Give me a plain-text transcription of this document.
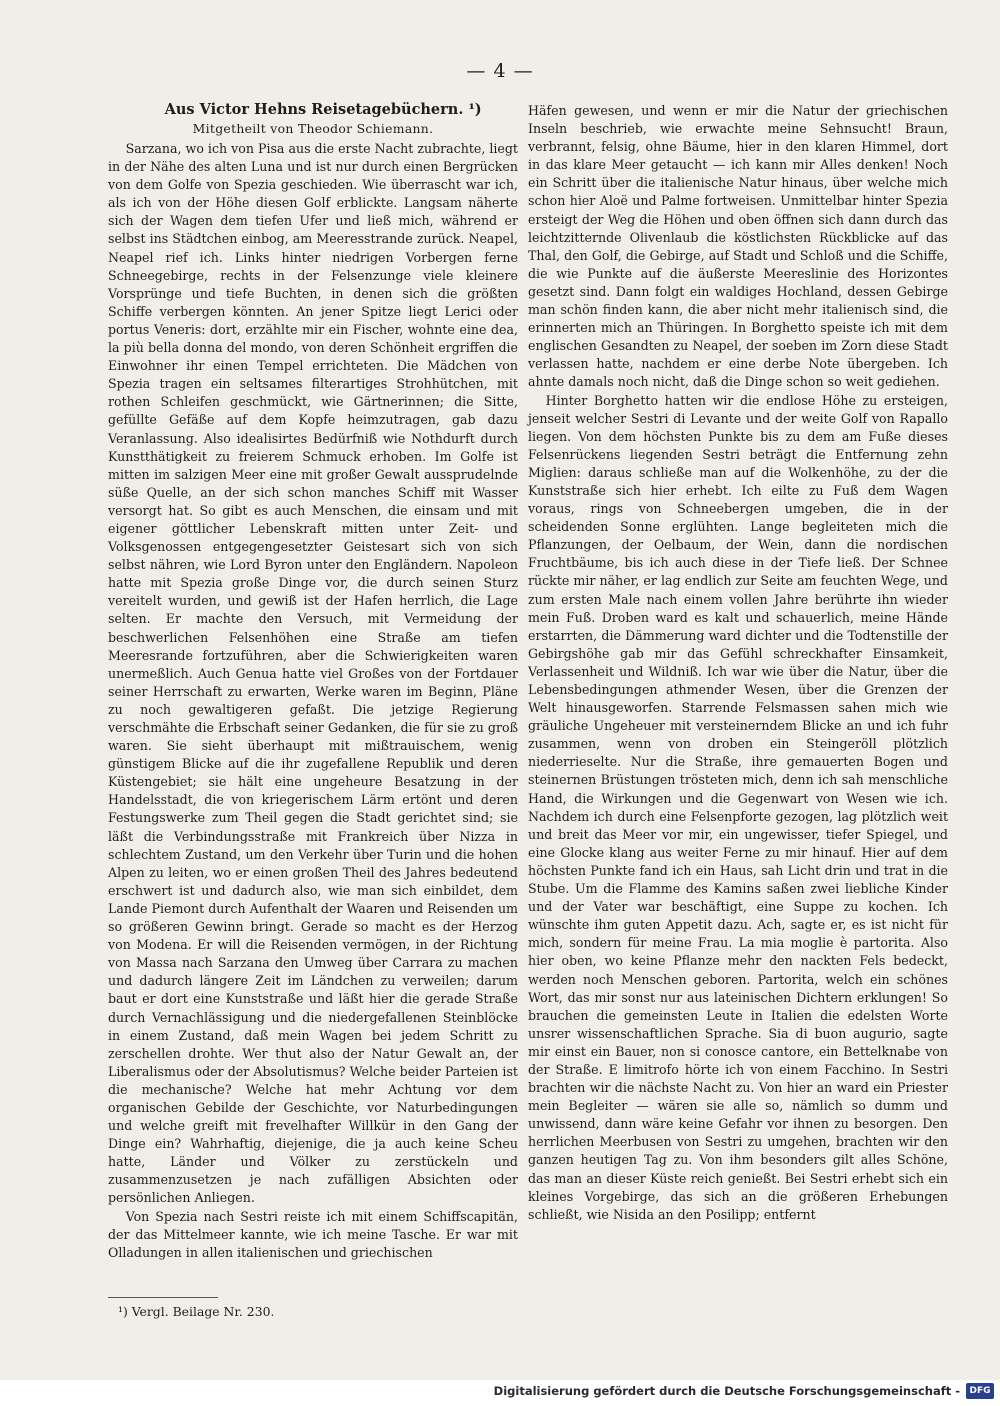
— 4 —

Aus Victor Hehns Reisetagebüchern. ¹)

Mitgetheilt von Theodor Schiemann.

Sarzana, wo ich von Pisa aus die erste Nacht zubrachte, liegt in der Nähe des alten Luna und ist nur durch einen Bergrücken von dem Golfe von Spezia geschieden. Wie überrascht war ich, als ich von der Höhe diesen Golf erblickte. Langsam näherte sich der Wagen dem tiefen Ufer und ließ mich, während er selbst ins Städtchen einbog, am Meeresstrande zurück. Neapel, Neapel rief ich. Links hinter niedrigen Vorbergen ferne Schneegebirge, rechts in der Felsenzunge viele kleinere Vorsprünge und tiefe Buchten, in denen sich die größten Schiffe verbergen könnten. An jener Spitze liegt Lerici oder portus Veneris: dort, erzählte mir ein Fischer, wohnte eine dea, la più bella donna del mondo, von deren Schönheit ergriffen die Einwohner ihr einen Tempel errichteten. Die Mädchen von Spezia tragen ein seltsames filterartiges Strohhütchen, mit rothen Schleifen geschmückt, wie Gärtnerinnen; die Sitte, gefüllte Gefäße auf dem Kopfe heimzutragen, gab dazu Veranlassung. Also idealisirtes Bedürfniß wie Nothdurft durch Kunstthätigkeit zu freierem Schmuck erhoben. Im Golfe ist mitten im salzigen Meer eine mit großer Gewalt aussprudelnde süße Quelle, an der sich schon manches Schiff mit Wasser versorgt hat. So gibt es auch Menschen, die einsam und mit eigener göttlicher Lebenskraft mitten unter Zeit- und Volksgenossen entgegengesetzter Geistesart sich von sich selbst nähren, wie Lord Byron unter den Engländern. Napoleon hatte mit Spezia große Dinge vor, die durch seinen Sturz vereitelt wurden, und gewiß ist der Hafen herrlich, die Lage selten. Er machte den Versuch, mit Vermeidung der beschwerlichen Felsenhöhen eine Straße am tiefen Meeresrande fortzuführen, aber die Schwierigkeiten waren unermeßlich. Auch Genua hatte viel Großes von der Fortdauer seiner Herrschaft zu erwarten, Werke waren im Beginn, Pläne zu noch gewaltigeren gefaßt. Die jetzige Regierung verschmähte die Erbschaft seiner Gedanken, die für sie zu groß waren. Sie sieht überhaupt mit mißtrauischem, wenig günstigem Blicke auf die ihr zugefallene Republik und deren Küstengebiet; sie hält eine ungeheure Besatzung in der Handelsstadt, die von kriegerischem Lärm ertönt und deren Festungswerke zum Theil gegen die Stadt gerichtet sind; sie läßt die Verbindungsstraße mit Frankreich über Nizza in schlechtem Zustand, um den Verkehr über Turin und die hohen Alpen zu leiten, wo er einen großen Theil des Jahres bedeutend erschwert ist und dadurch also, wie man sich einbildet, dem Lande Piemont durch Aufenthalt der Waaren und Reisenden um so größeren Gewinn bringt. Gerade so macht es der Herzog von Modena. Er will die Reisenden vermögen, in der Richtung von Massa nach Sarzana den Umweg über Carrara zu machen und dadurch längere Zeit im Ländchen zu verweilen; darum baut er dort eine Kunststraße und läßt hier die gerade Straße durch Vernachlässigung und die niedergefallenen Steinblöcke in einem Zustand, daß mein Wagen bei jedem Schritt zu zerschellen drohte. Wer thut also der Natur Gewalt an, der Liberalismus oder der Absolutismus? Welche beider Parteien ist die mechanische? Welche hat mehr Achtung vor dem organischen Gebilde der Geschichte, vor Naturbedingungen und welche greift mit frevelhafter Willkür in den Gang der Dinge ein? Wahrhaftig, diejenige, die ja auch keine Scheu hatte, Länder und Völker zu zerstückeln und zusammenzusetzen je nach zufälligen Absichten oder persönlichen Anliegen.

Von Spezia nach Sestri reiste ich mit einem Schiffscapitän, der das Mittelmeer kannte, wie ich meine Tasche. Er war mit Olladungen in allen italienischen und griechischen

Häfen gewesen, und wenn er mir die Natur der griechischen Inseln beschrieb, wie erwachte meine Sehnsucht! Braun, verbrannt, felsig, ohne Bäume, hier in den klaren Himmel, dort in das klare Meer getaucht — ich kann mir Alles denken! Noch ein Schritt über die italienische Natur hinaus, über welche mich schon hier Aloë und Palme fortweisen. Unmittelbar hinter Spezia ersteigt der Weg die Höhen und oben öffnen sich dann durch das leichtzitternde Olivenlaub die köstlichsten Rückblicke auf das Thal, den Golf, die Gebirge, auf Stadt und Schloß und die Schiffe, die wie Punkte auf die äußerste Meereslinie des Horizontes gesetzt sind. Dann folgt ein waldiges Hochland, dessen Gebirge man schön finden kann, die aber nicht mehr italienisch sind, die erinnerten mich an Thüringen. In Borghetto speiste ich mit dem englischen Gesandten zu Neapel, der soeben im Zorn diese Stadt verlassen hatte, nachdem er eine derbe Note übergeben. Ich ahnte damals noch nicht, daß die Dinge schon so weit gediehen.

Hinter Borghetto hatten wir die endlose Höhe zu ersteigen, jenseit welcher Sestri di Levante und der weite Golf von Rapallo liegen. Von dem höchsten Punkte bis zu dem am Fuße dieses Felsenrückens liegenden Sestri beträgt die Entfernung zehn Miglien: daraus schließe man auf die Wolkenhöhe, zu der die Kunststraße sich hier erhebt. Ich eilte zu Fuß dem Wagen voraus, rings von Schneebergen umgeben, die in der scheidenden Sonne erglühten. Lange begleiteten mich die Pflanzungen, der Oelbaum, der Wein, dann die nordischen Fruchtbäume, bis ich auch diese in der Tiefe ließ. Der Schnee rückte mir näher, er lag endlich zur Seite am feuchten Wege, und zum ersten Male nach einem vollen Jahre berührte ihn wieder mein Fuß. Droben ward es kalt und schauerlich, meine Hände erstarrten, die Dämmerung ward dichter und die Todtenstille der Gebirgshöhe gab mir das Gefühl schreckhafter Einsamkeit, Verlassenheit und Wildniß. Ich war wie über die Natur, über die Lebensbedingungen athmender Wesen, über die Grenzen der Welt hinausgeworfen. Starrende Felsmassen sahen mich wie gräuliche Ungeheuer mit versteinerndem Blicke an und ich fuhr zusammen, wenn von droben ein Steingeröll plötzlich niederrieselte. Nur die Straße, ihre gemauerten Bogen und steinernen Brüstungen trösteten mich, denn ich sah menschliche Hand, die Wirkungen und die Gegenwart von Wesen wie ich. Nachdem ich durch eine Felsenpforte gezogen, lag plötzlich weit und breit das Meer vor mir, ein ungewisser, tiefer Spiegel, und eine Glocke klang aus weiter Ferne zu mir hinauf. Hier auf dem höchsten Punkte fand ich ein Haus, sah Licht drin und trat in die Stube. Um die Flamme des Kamins saßen zwei liebliche Kinder und der Vater war beschäftigt, eine Suppe zu kochen. Ich wünschte ihm guten Appetit dazu. Ach, sagte er, es ist nicht für mich, sondern für meine Frau. La mia moglie è partorita. Also hier oben, wo keine Pflanze mehr den nackten Fels bedeckt, werden noch Menschen geboren. Partorita, welch ein schönes Wort, das mir sonst nur aus lateinischen Dichtern erklungen! So brauchen die gemeinsten Leute in Italien die edelsten Worte unsrer wissenschaftlichen Sprache. Sia di buon augurio, sagte mir einst ein Bauer, non si conosce cantore, ein Bettelknabe von der Straße. E limitrofo hörte ich von einem Facchino. In Sestri brachten wir die nächste Nacht zu. Von hier an ward ein Priester mein Begleiter — wären sie alle so, nämlich so dumm und unwissend, dann wäre keine Gefahr vor ihnen zu besorgen. Den herrlichen Meerbusen von Sestri zu umgehen, brachten wir den ganzen heutigen Tag zu. Von ihm besonders gilt alles Schöne, das man an dieser Küste reich genießt. Bei Sestri erhebt sich ein kleines Vorgebirge, das sich an die größeren Erhebungen schließt, wie Nisida an den Posilipp; entfernt

¹) Vergl. Beilage Nr. 230.
Digitalisierung gefördert durch die Deutsche Forschungsgemeinschaft -	DFG
